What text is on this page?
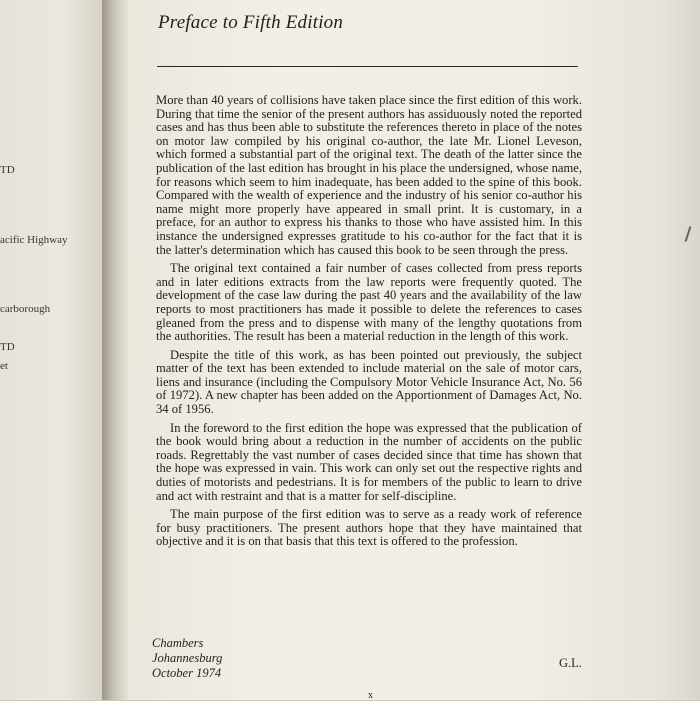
TD
acific Highway
carborough
TD
et
Preface to Fifth Edition

More than 40 years of collisions have taken place since the first edition of this work. During that time the senior of the present authors has assiduously noted the reported cases and has thus been able to substitute the references thereto in place of the notes on motor law compiled by his original co-author, the late Mr. Lionel Leveson, which formed a substantial part of the original text. The death of the latter since the publication of the last edition has brought in his place the undersigned, whose name, for reasons which seem to him inadequate, has been added to the spine of this book. Compared with the wealth of experience and the industry of his senior co-author his name might more properly have appeared in small print. It is customary, in a preface, for an author to express his thanks to those who have assisted him. In this instance the undersigned expresses gratitude to his co-author for the fact that it is the latter's determination which has caused this book to be seen through the press.

The original text contained a fair number of cases collected from press reports and in later editions extracts from the law reports were frequently quoted. The development of the case law during the past 40 years and the availability of the law reports to most practitioners has made it possible to delete the references to cases gleaned from the press and to dispense with many of the lengthy quotations from the authorities. The result has been a material reduction in the length of this work.

Despite the title of this work, as has been pointed out previously, the subject matter of the text has been extended to include material on the sale of motor cars, liens and insurance (including the Compulsory Motor Vehicle Insurance Act, No. 56 of 1972). A new chapter has been added on the Apportionment of Damages Act, No. 34 of 1956.

In the foreword to the first edition the hope was expressed that the publication of the book would bring about a reduction in the number of accidents on the public roads. Regrettably the vast number of cases decided since that time has shown that the hope was expressed in vain. This work can only set out the respective rights and duties of motorists and pedestrians. It is for members of the public to learn to drive and act with restraint and that is a matter for self-discipline.

The main purpose of the first edition was to serve as a ready work of reference for busy practitioners. The present authors hope that they have maintained that objective and it is on that basis that this text is offered to the profession.

Chambers
Johannesburg
October 1974
G.L.
x
